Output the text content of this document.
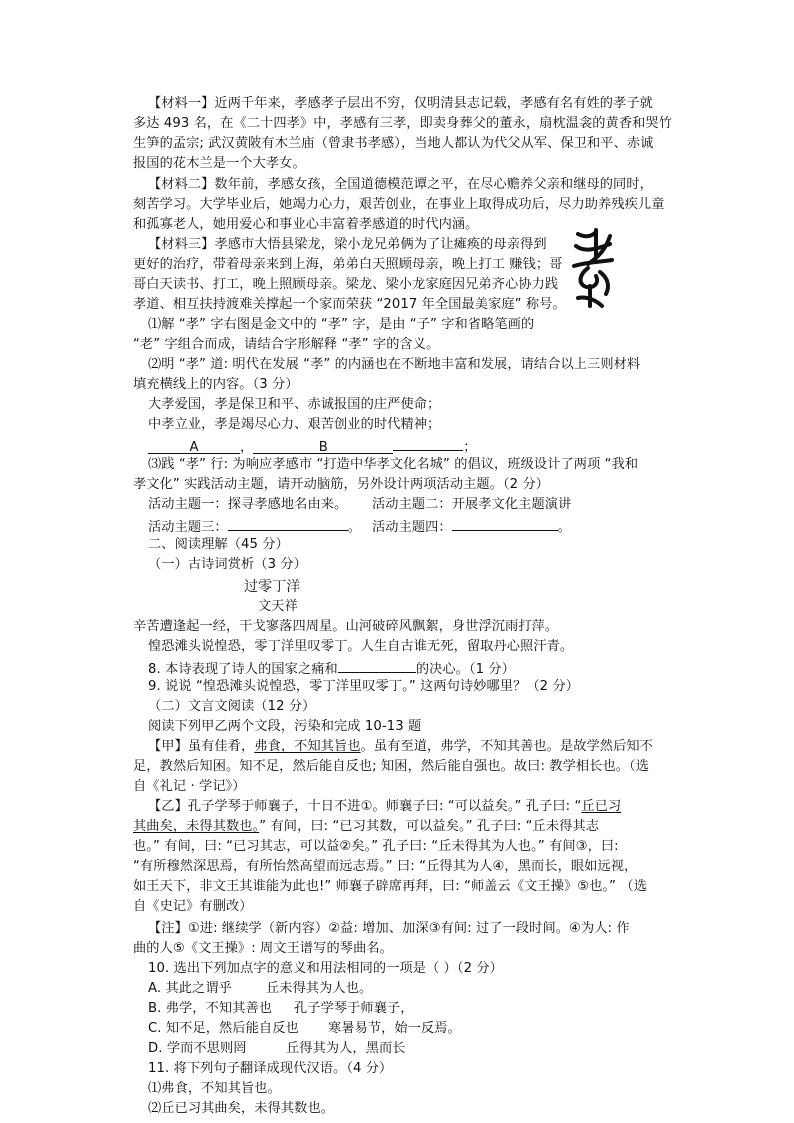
【材料一】近两千年来，孝感孝子层出不穷，仅明清县志记载，孝感有名有姓的孝子就
多达 493 名，在《二十四孝》中，孝感有三孝，即卖身葬父的董永，扇枕温衾的黄香和哭竹
生笋的孟宗; 武汉黄陂有木兰庙（曾隶书孝感），当地人都认为代父从军、保卫和平、赤诚
报国的花木兰是一个大孝女。
【材料二】数年前，孝感女孩，全国道德模范谭之平，在尽心赡养父亲和继母的同时，
刻苦学习。大学毕业后，她竭力心力，艰苦创业，在事业上取得成功后，尽力助养残疾儿童
和孤寡老人，她用爱心和事业心丰富着孝感道的时代内涵。
【材料三】孝感市大悟县梁龙，梁小龙兄弟俩为了让瘫痪的母亲得到
更好的治疗，带着母亲来到上海，弟弟白天照顾母亲，晚上打工 赚钱；哥
哥白天读书、打工，晚上照顾母亲。梁龙、梁小龙家庭因兄弟齐心协力践
孝道、相互扶持渡难关撑起一个家而荣获 “2017 年全国最美家庭” 称号。
⑴解 “孝” 字右图是金文中的 “孝” 字，是由 “子” 字和省略笔画的
“老” 字组合而成，请结合字形解释 “孝” 字的含义。
⑵明 “孝” 道: 明代在发展 “孝” 的内涵也在不断地丰富和发展，请结合以上三则材料
填充横线上的内容。（3 分）
大孝爱国，孝是保卫和平、赤诚报国的庄严使命；
中孝立业，孝是竭尽心力、艰苦创业的时代精神；
A	，	B	；
⑶践 “孝” 行: 为响应孝感市 “打造中华孝文化名城” 的倡议，班级设计了两项 “我和
孝文化” 实践活动主题，请开动脑筋，另外设计两项活动主题。（2 分）
活动主题一：探寻孝感地名由来。 活动主题二：开展孝文化主题演讲
活动主题三：	。 活动主题四：	。
二、阅读理解（45 分）
（一）古诗词赏析（3 分）
过零丁洋
文天祥
辛苦遭逢起一经，干戈寥落四周星。山河破碎风飘絮，身世浮沉雨打萍。
惶恐滩头说惶恐，零丁洋里叹零丁。人生自古谁无死，留取丹心照汗青。
8. 本诗表现了诗人的国家之痛和	的决心。（1 分）
9. 说说 “惶恐滩头说惶恐，零丁洋里叹零丁。” 这两句诗妙哪里？（2 分）
（二）文言文阅读（12 分）
阅读下列甲乙两个文段，污染和完成 10-13 题
【甲】虽有佳肴，弗食，不知其旨也。虽有至道，弗学，不知其善也。是故学然后知不
足，教然后知困。知不足，然后能自反也; 知困，然后能自强也。故曰: 教学相长也。（选
自《礼记 · 学记》）
【乙】孔子学琴于师襄子，十日不进①。师襄子曰: “可以益矣。” 孔子曰: “丘已习
其曲矣，未得其数也。” 有间，曰: “已习其数，可以益矣。” 孔子曰: “丘未得其志
也。” 有间，曰: “已习其志，可以益②矣。” 孔子曰: “丘未得其为人也。” 有间③，曰:
“有所穆然深思焉，有所怡然高望而远志焉。” 曰: “丘得其为人④，黑而长，眼如远视，
如王天下，非文王其谁能为此也!” 师襄子辟席再拜，曰: “师盖云《文王操》⑤也。” （选
自《史记》有删改）
【注】①进: 继续学（新内容）②益: 增加、加深③有间: 过了一段时间。④为人: 作
曲的人⑤《文王操》: 周文王谱写的琴曲名。
10. 选出下列加点字的意义和用法相同的一项是（ ）（2 分）
A. 其此之谓乎	丘未得其为人也。
B. 弗学，不知其善也 孔子学琴于师襄子，
C. 知不足，然后能自反也 寒暑易节，始一反焉。
D. 学而不思则罔	丘得其为人，黑而长
11. 将下列句子翻译成现代汉语。（4 分）
⑴弗食，不知其旨也。
⑵丘已习其曲矣，未得其数也。
